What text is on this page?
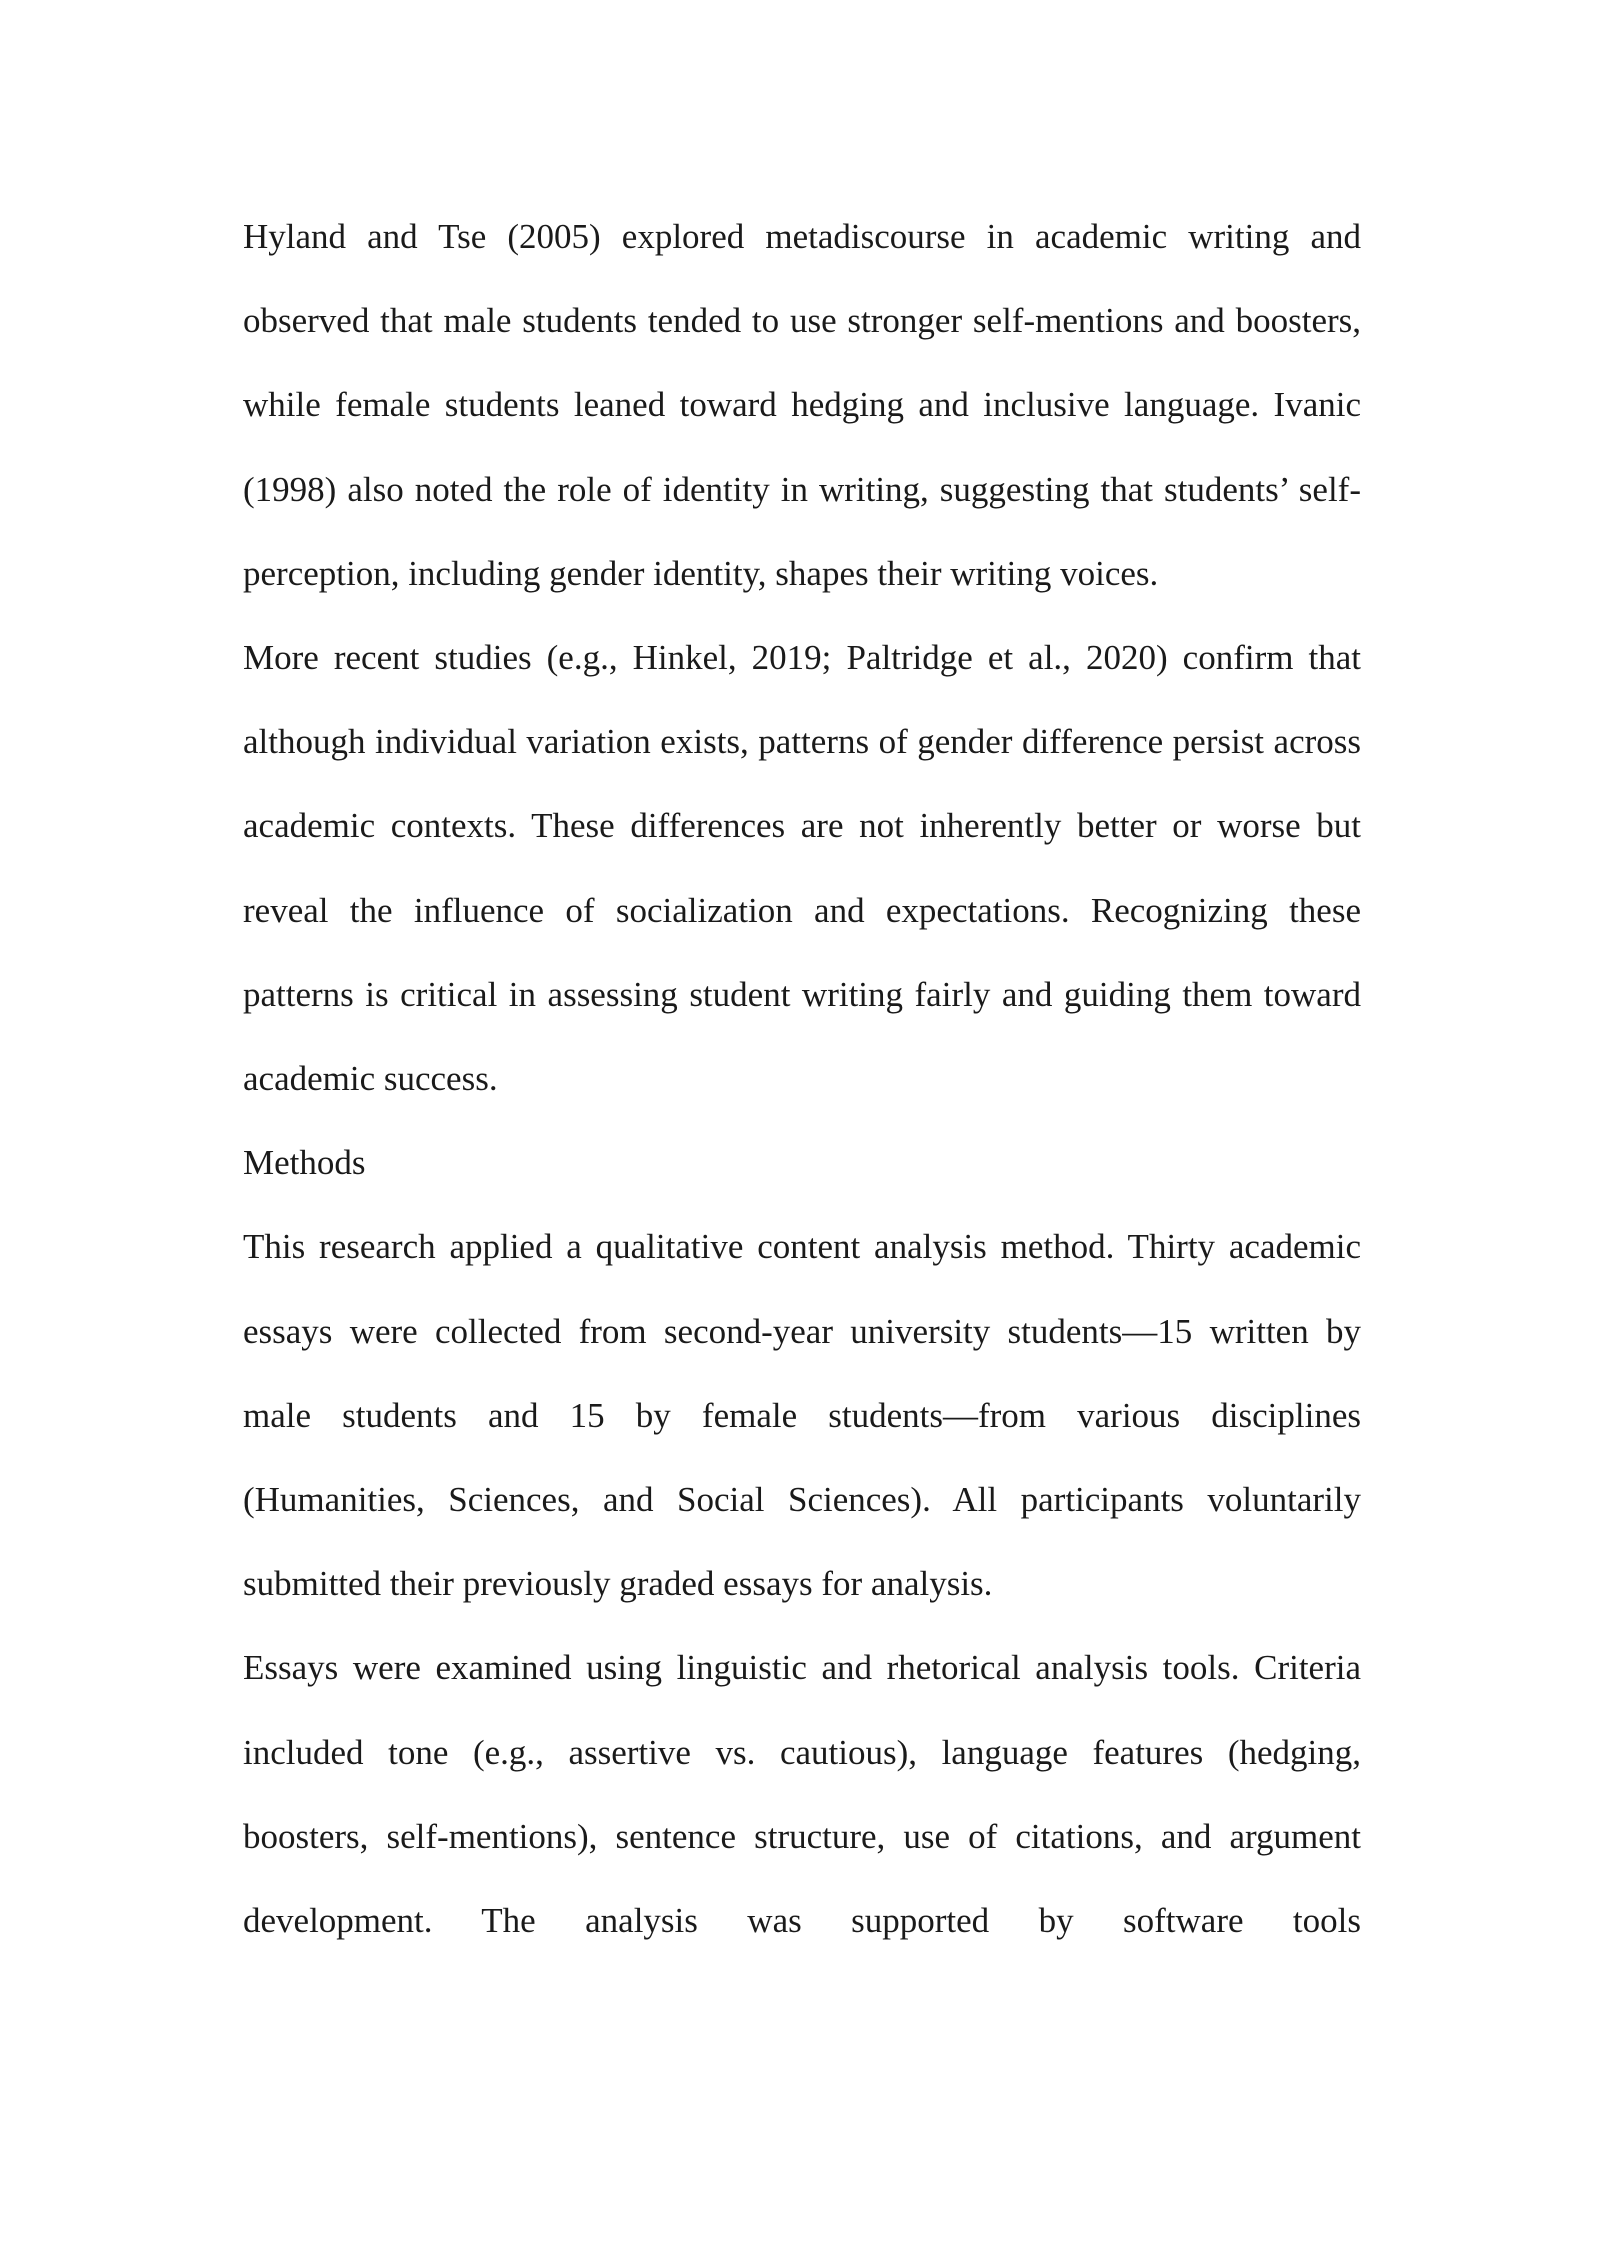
Hyland and Tse (2005) explored metadiscourse in academic writing and observed that male students tended to use stronger self-mentions and boosters, while female students leaned toward hedging and inclusive language. Ivanic (1998) also noted the role of identity in writing, suggesting that students’ self-perception, including gender identity, shapes their writing voices.

More recent studies (e.g., Hinkel, 2019; Paltridge et al., 2020) confirm that although individual variation exists, patterns of gender difference persist across academic contexts. These differences are not inherently better or worse but reveal the influence of socialization and expectations. Recognizing these patterns is critical in assessing student writing fairly and guiding them toward academic success.

Methods

This research applied a qualitative content analysis method. Thirty academic essays were collected from second-year university students—15 written by male students and 15 by female students—from various disciplines (Humanities, Sciences, and Social Sciences). All participants voluntarily submitted their previously graded essays for analysis.

Essays were examined using linguistic and rhetorical analysis tools. Criteria included tone (e.g., assertive vs. cautious), language features (hedging, boosters, self-mentions), sentence structure, use of citations, and argument development. The analysis was supported by software tools
